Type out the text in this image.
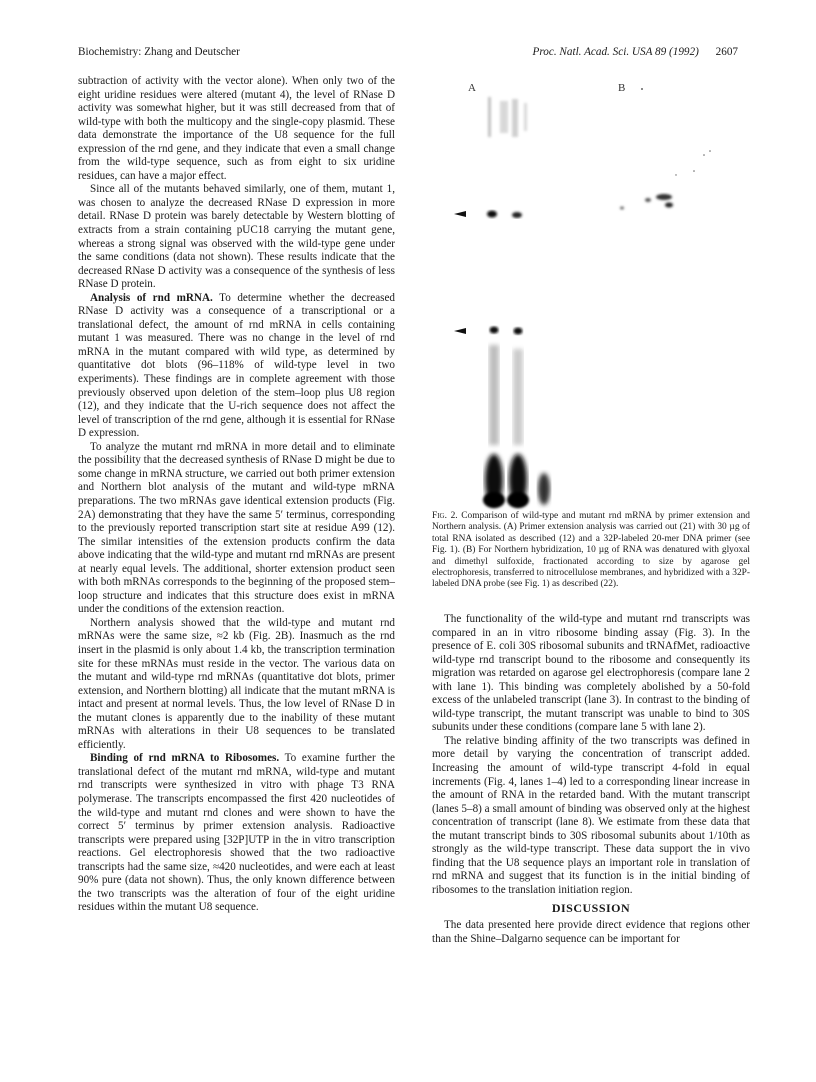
Biochemistry: Zhang and Deutscher	Proc. Natl. Acad. Sci. USA 89 (1992) 2607

subtraction of activity with the vector alone). When only two of the eight uridine residues were altered (mutant 4), the level of RNase D activity was somewhat higher, but it was still decreased from that of wild-type with both the multicopy and the single-copy plasmid. These data demonstrate the importance of the U8 sequence for the full expression of the rnd gene, and they indicate that even a small change from the wild-type sequence, such as from eight to six uridine residues, can have a major effect.

Since all of the mutants behaved similarly, one of them, mutant 1, was chosen to analyze the decreased RNase D expression in more detail. RNase D protein was barely detectable by Western blotting of extracts from a strain containing pUC18 carrying the mutant gene, whereas a strong signal was observed with the wild-type gene under the same conditions (data not shown). These results indicate that the decreased RNase D activity was a consequence of the synthesis of less RNase D protein.

Analysis of rnd mRNA. To determine whether the decreased RNase D activity was a consequence of a transcriptional or a translational defect, the amount of rnd mRNA in cells containing mutant 1 was measured. There was no change in the level of rnd mRNA in the mutant compared with wild type, as determined by quantitative dot blots (96–118% of wild-type level in two experiments). These findings are in complete agreement with those previously observed upon deletion of the stem–loop plus U8 region (12), and they indicate that the U-rich sequence does not affect the level of transcription of the rnd gene, although it is essential for RNase D expression.

To analyze the mutant rnd mRNA in more detail and to eliminate the possibility that the decreased synthesis of RNase D might be due to some change in mRNA structure, we carried out both primer extension and Northern blot analysis of the mutant and wild-type mRNA preparations. The two mRNAs gave identical extension products (Fig. 2A) demonstrating that they have the same 5′ terminus, corresponding to the previously reported transcription start site at residue A99 (12). The similar intensities of the extension products confirm the data above indicating that the wild-type and mutant rnd mRNAs are present at nearly equal levels. The additional, shorter extension product seen with both mRNAs corresponds to the beginning of the proposed stem–loop structure and indicates that this structure does exist in mRNA under the conditions of the extension reaction.

Northern analysis showed that the wild-type and mutant rnd mRNAs were the same size, ≈2 kb (Fig. 2B). Inasmuch as the rnd insert in the plasmid is only about 1.4 kb, the transcription termination site for these mRNAs must reside in the vector. The various data on the mutant and wild-type rnd mRNAs (quantitative dot blots, primer extension, and Northern blotting) all indicate that the mutant mRNA is intact and present at normal levels. Thus, the low level of RNase D in the mutant clones is apparently due to the inability of these mutant mRNAs with alterations in their U8 sequences to be translated efficiently.

Binding of rnd mRNA to Ribosomes. To examine further the translational defect of the mutant rnd mRNA, wild-type and mutant rnd transcripts were synthesized in vitro with phage T3 RNA polymerase. The transcripts encompassed the first 420 nucleotides of the wild-type and mutant rnd clones and were shown to have the correct 5′ terminus by primer extension analysis. Radioactive transcripts were prepared using [32P]UTP in the in vitro transcription reactions. Gel electrophoresis showed that the two radioactive transcripts had the same size, ≈420 nucleotides, and were each at least 90% pure (data not shown). Thus, the only known difference between the two transcripts was the alteration of four of the eight uridine residues within the mutant U8 sequence.

A	B
Fig. 2. Comparison of wild-type and mutant rnd mRNA by primer extension and Northern analysis. (A) Primer extension analysis was carried out (21) with 30 µg of total RNA isolated as described (12) and a 32P-labeled 20-mer DNA primer (see Fig. 1). (B) For Northern hybridization, 10 µg of RNA was denatured with glyoxal and dimethyl sulfoxide, fractionated according to size by agarose gel electrophoresis, transferred to nitrocellulose membranes, and hybridized with a 32P-labeled DNA probe (see Fig. 1) as described (22).

The functionality of the wild-type and mutant rnd transcripts was compared in an in vitro ribosome binding assay (Fig. 3). In the presence of E. coli 30S ribosomal subunits and tRNAfMet, radioactive wild-type rnd transcript bound to the ribosome and consequently its migration was retarded on agarose gel electrophoresis (compare lane 2 with lane 1). This binding was completely abolished by a 50-fold excess of the unlabeled transcript (lane 3). In contrast to the binding of wild-type transcript, the mutant transcript was unable to bind to 30S subunits under these conditions (compare lane 5 with lane 2).

The relative binding affinity of the two transcripts was defined in more detail by varying the concentration of transcript added. Increasing the amount of wild-type transcript 4-fold in equal increments (Fig. 4, lanes 1–4) led to a corresponding linear increase in the amount of RNA in the retarded band. With the mutant transcript (lanes 5–8) a small amount of binding was observed only at the highest concentration of transcript (lane 8). We estimate from these data that the mutant transcript binds to 30S ribosomal subunits about 1/10th as strongly as the wild-type transcript. These data support the in vivo finding that the U8 sequence plays an important role in translation of rnd mRNA and suggest that its function is in the initial binding of ribosomes to the translation initiation region.

DISCUSSION

The data presented here provide direct evidence that regions other than the Shine–Dalgarno sequence can be important for
